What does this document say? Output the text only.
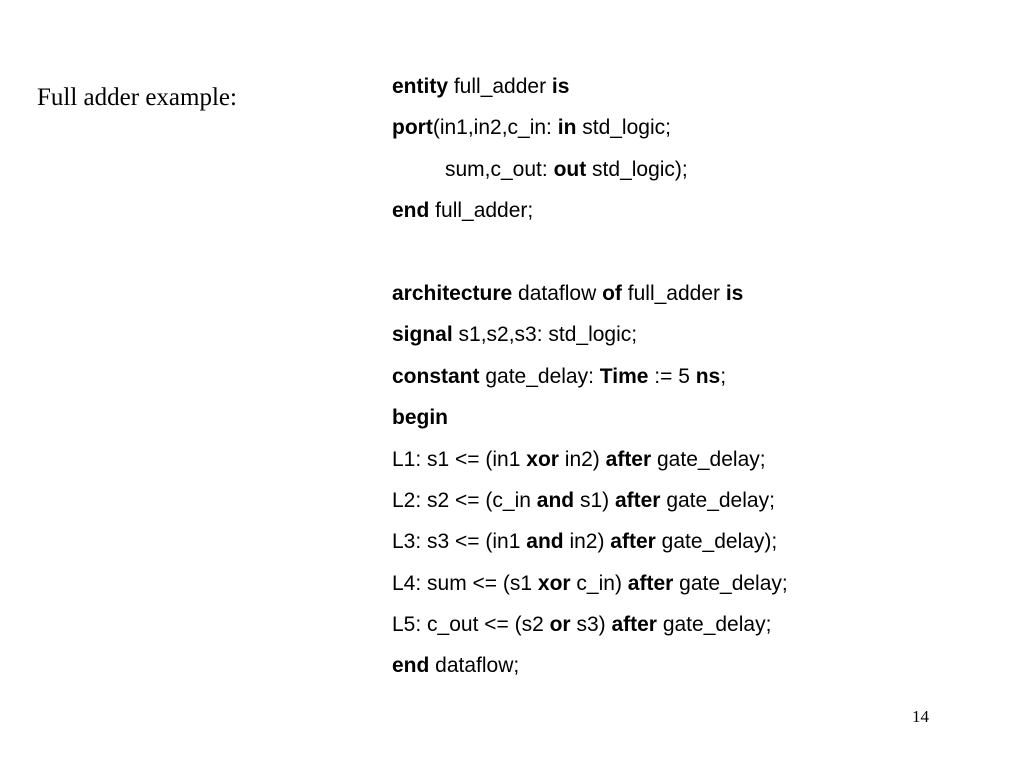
Full adder example:	entity full_adder is
port(in1,in2,c_in: in std_logic;
sum,c_out: out std_logic);
end full_adder;
architecture dataflow of full_adder is
signal s1,s2,s3: std_logic;
constant gate_delay: Time := 5 ns;
begin
L1: s1 <= (in1 xor in2) after gate_delay;
L2: s2 <= (c_in and s1) after gate_delay;
L3: s3 <= (in1 and in2) after gate_delay);
L4: sum <= (s1 xor c_in) after gate_delay;
L5: c_out <= (s2 or s3) after gate_delay;
end dataflow;
14
